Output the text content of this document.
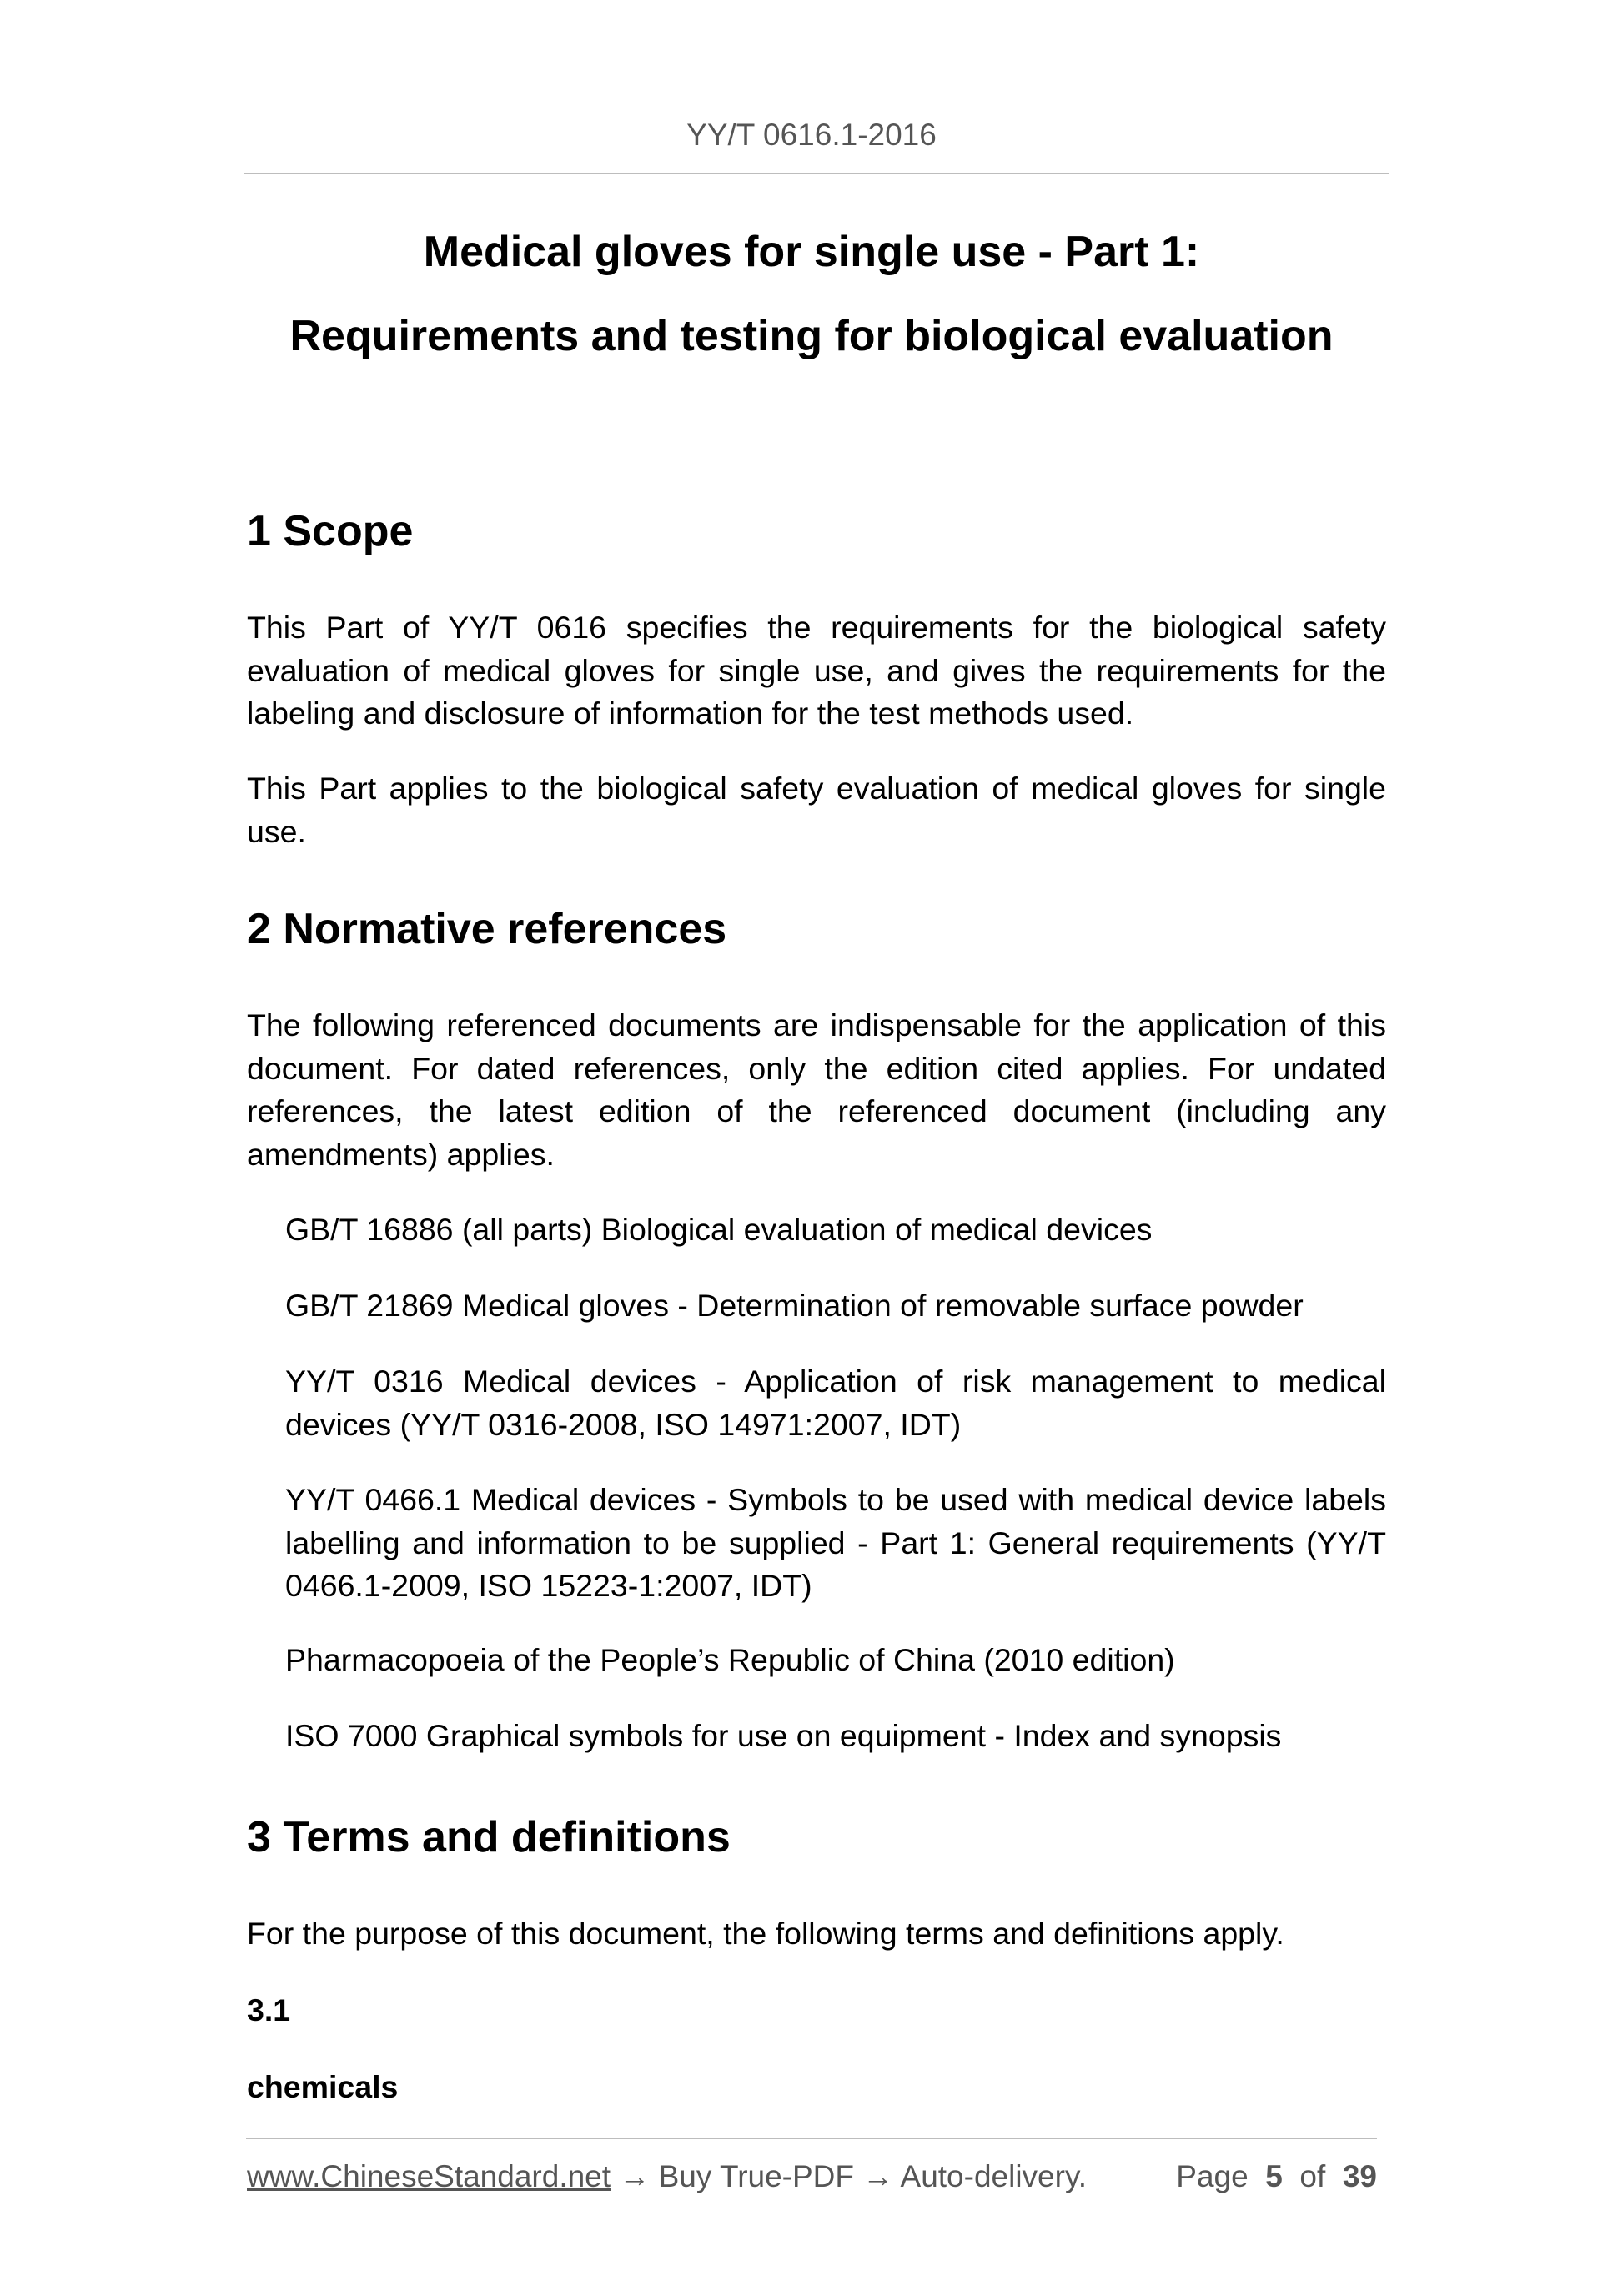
YY/T 0616.1-2016
Medical gloves for single use - Part 1:
Requirements and testing for biological evaluation
1 Scope
This Part of YY/T 0616 specifies the requirements for the biological safety evaluation of medical gloves for single use, and gives the requirements for the labeling and disclosure of information for the test methods used.
This Part applies to the biological safety evaluation of medical gloves for single use.
2 Normative references
The following referenced documents are indispensable for the application of this document. For dated references, only the edition cited applies. For undated references, the latest edition of the referenced document (including any amendments) applies.
GB/T 16886 (all parts) Biological evaluation of medical devices
GB/T 21869 Medical gloves - Determination of removable surface powder
YY/T 0316 Medical devices - Application of risk management to medical devices (YY/T 0316-2008, ISO 14971:2007, IDT)
YY/T 0466.1 Medical devices - Symbols to be used with medical device labels labelling and information to be supplied - Part 1: General requirements (YY/T 0466.1-2009, ISO 15223-1:2007, IDT)
Pharmacopoeia of the People’s Republic of China (2010 edition)
ISO 7000 Graphical symbols for use on equipment - Index and synopsis
3 Terms and definitions
For the purpose of this document, the following terms and definitions apply.
3.1
chemicals
www.ChineseStandard.net → Buy True-PDF → Auto-delivery.	Page 5 of 39
